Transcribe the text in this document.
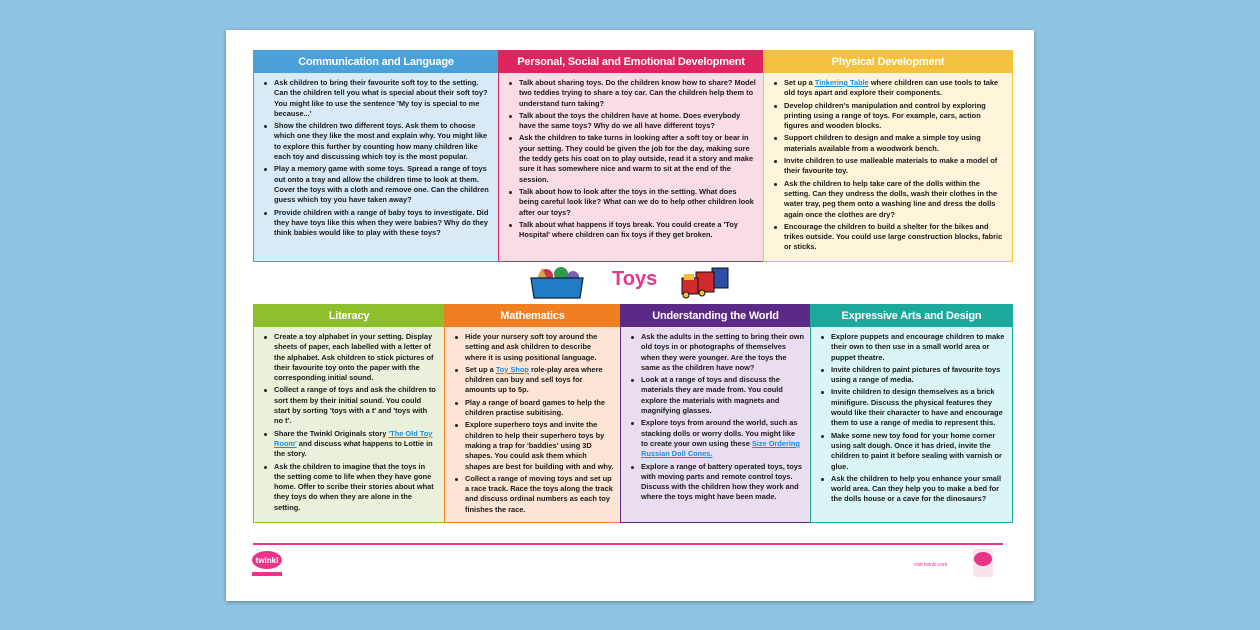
Communication and Language
Ask children to bring their favourite soft toy to the setting. Can the children tell you what is special about their soft toy? You might like to use the sentence 'My toy is special to me because...'
Show the children two different toys. Ask them to choose which one they like the most and explain why. You might like to explore this further by counting how many children like each toy and discussing which toy is the most popular.
Play a memory game with some toys. Spread a range of toys out onto a tray and allow the children time to look at them. Cover the toys with a cloth and remove one. Can the children guess which toy you have taken away?
Provide children with a range of baby toys to investigate. Did they have toys like this when they were babies? Why do they think babies would like to play with these toys?
Personal, Social and Emotional Development
Talk about sharing toys. Do the children know how to share? Model two teddies trying to share a toy car. Can the children help them to understand turn taking?
Talk about the toys the children have at home. Does everybody have the same toys? Why do we all have different toys?
Ask the children to take turns in looking after a soft toy or bear in your setting. They could be given the job for the day, making sure the teddy gets his coat on to play outside, read it a story and make sure it has somewhere nice and warm to sit at the end of the session.
Talk about how to look after the toys in the setting. What does being careful look like? What can we do to help other children look after our toys?
Talk about what happens if toys break. You could create a 'Toy Hospital' where children can fix toys if they get broken.
Physical Development
Set up a Tinkering Table where children can use tools to take old toys apart and explore their components.
Develop children's manipulation and control by exploring printing using a range of toys. For example, cars, action figures and wooden blocks.
Support children to design and make a simple toy using materials available from a woodwork bench.
Invite children to use malleable materials to make a model of their favourite toy.
Ask the children to help take care of the dolls within the setting. Can they undress the dolls, wash their clothes in the water tray, peg them onto a washing line and dress the dolls again once the clothes are dry?
Encourage the children to build a shelter for the bikes and trikes outside. You could use large construction blocks, fabric or sticks.
Toys
Literacy
Create a toy alphabet in your setting. Display sheets of paper, each labelled with a letter of the alphabet. Ask children to stick pictures of their favourite toy onto the paper with the corresponding initial sound.
Collect a range of toys and ask the children to sort them by their initial sound. You could start by sorting 'toys with a t' and 'toys with no t'.
Share the Twinkl Originals story 'The Old Toy Room' and discuss what happens to Lottie in the story.
Ask the children to imagine that the toys in the setting come to life when they have gone home. Offer to scribe their stories about what they toys do when they are alone in the setting.
Mathematics
Hide your nursery soft toy around the setting and ask children to describe where it is using positional language.
Set up a Toy Shop role-play area where children can buy and sell toys for amounts up to 5p.
Play a range of board games to help the children practise subitising.
Explore superhero toys and invite the children to help their superhero toys by making a trap for 'baddies' using 3D shapes. You could ask them which shapes are best for building with and why.
Collect a range of moving toys and set up a race track. Race the toys along the track and discuss ordinal numbers as each toy finishes the race.
Understanding the World
Ask the adults in the setting to bring their own old toys in or photographs of themselves when they were younger. Are the toys the same as the children have now?
Look at a range of toys and discuss the materials they are made from. You could explore the materials with magnets and magnifying glasses.
Explore toys from around the world, such as stacking dolls or worry dolls. You might like to create your own using these Size Ordering Russian Doll Cones.
Explore a range of battery operated toys, toys with moving parts and remote control toys. Discuss with the children how they work and where the toys might have been made.
Expressive Arts and Design
Explore puppets and encourage children to make their own to then use in a small world area or puppet theatre.
Invite children to paint pictures of favourite toys using a range of media.
Invite children to design themselves as a brick minifigure. Discuss the physical features they would like their character to have and encourage them to use a range of media to represent this.
Make some new toy food for your home corner using salt dough. Once it has dried, invite the children to paint it before sealing with varnish or glue.
Ask the children to help you enhance your small world area. Can they help you to make a bed for the dolls house or a cave for the dinosaurs?
twinkl	visit twinkl.com
